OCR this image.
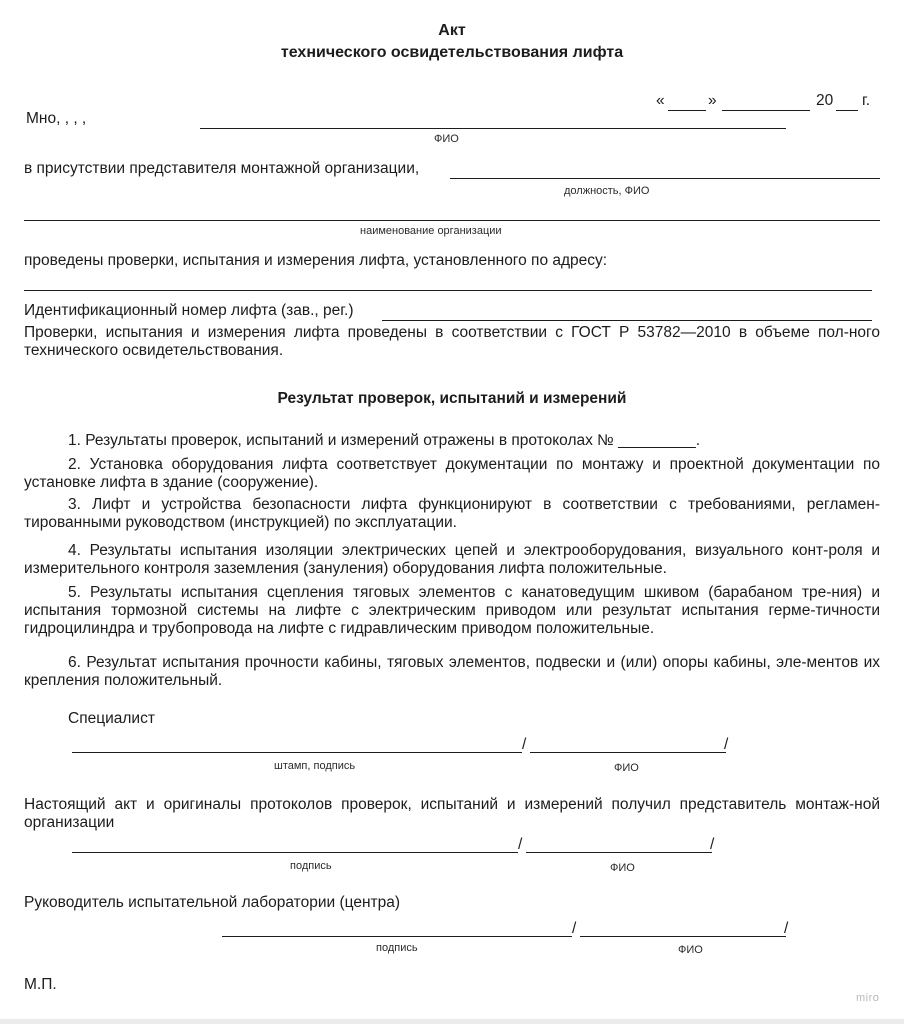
Акт
технического освидетельствования лифта
«	»	20 г.
Мно, , , ,
ФИО
в присутствии представителя монтажной организации,
должность, ФИО
наименование организации
проведены проверки, испытания и измерения лифта, установленного по адресу:
Идентификационный номер лифта (зав., рег.)
Проверки, испытания и измерения лифта проведены в соответствии с ГОСТ Р 53782—2010 в объеме пол-ного технического освидетельствования.
Результат проверок, испытаний и измерений
1. Результаты проверок, испытаний и измерений отражены в протоколах № _________.
2. Установка оборудования лифта соответствует документации по монтажу и проектной документации по установке лифта в здание (сооружение).
3. Лифт и устройства безопасности лифта функционируют в соответствии с требованиями, регламен-тированными руководством (инструкцией) по эксплуатации.
4. Результаты испытания изоляции электрических цепей и электрооборудования, визуального конт-роля и измерительного контроля заземления (зануления) оборудования лифта положительные.
5. Результаты испытания сцепления тяговых элементов с канатоведущим шкивом (барабаном тре-ния) и испытания тормозной системы на лифте с электрическим приводом или результат испытания герме-тичности гидроцилиндра и трубопровода на лифте с гидравлическим приводом положительные.
6. Результат испытания прочности кабины, тяговых элементов, подвески и (или) опоры кабины, эле-ментов их крепления положительный.
Специалист
/	/
штамп, подпись	ФИО
Настоящий акт и оригиналы протоколов проверок, испытаний и измерений получил представитель монтаж-ной организации
/	/
подпись	ФИО
Руководитель испытательной лаборатории (центра)
/	/
подпись	ФИО
М.П.
miro
